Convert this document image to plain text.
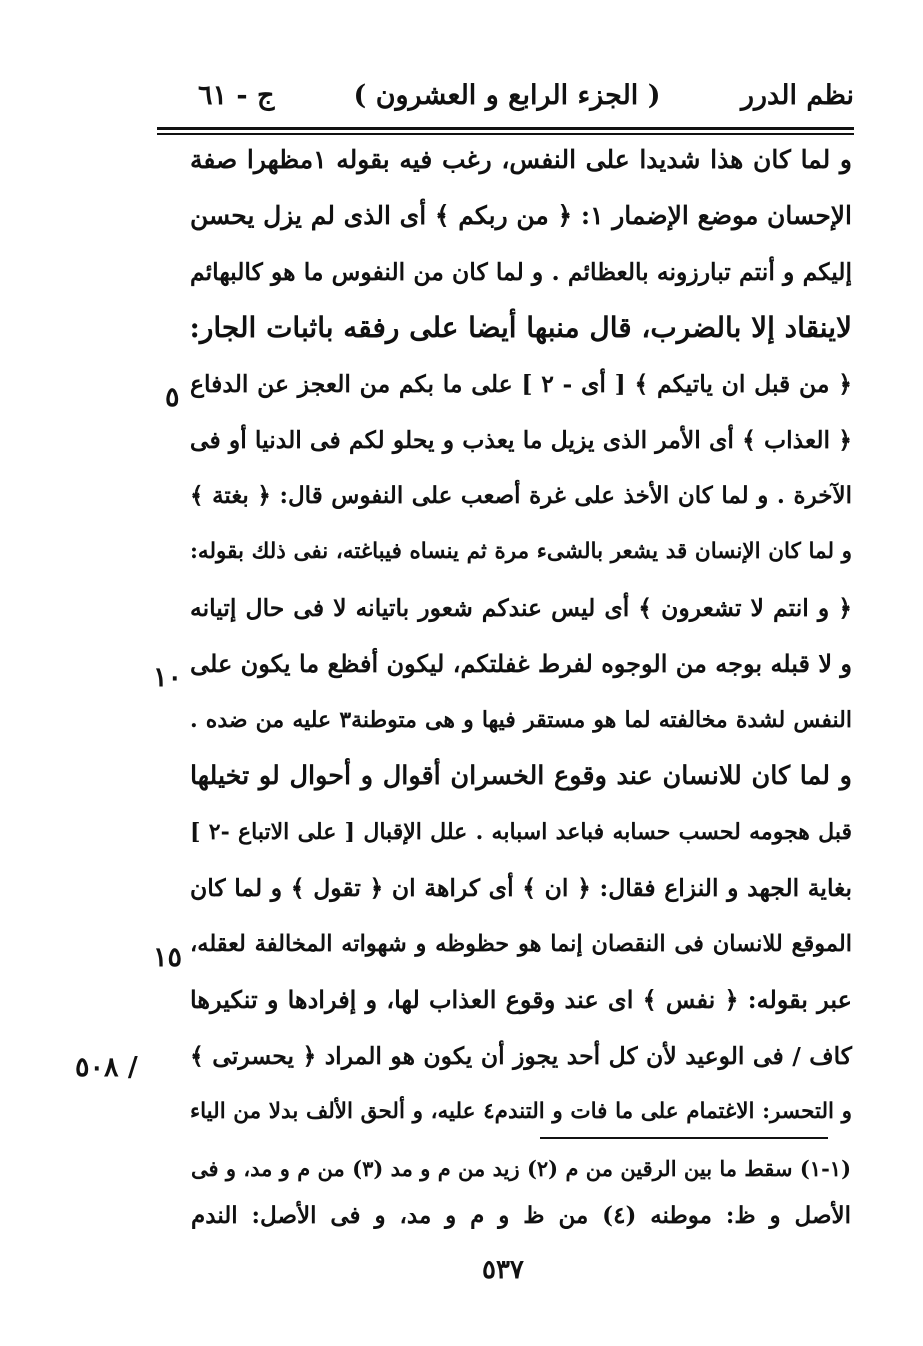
نظم الدرر
( الجزء الرابع و العشرون )
ج - ٦١
و لما كان هذا شديدا على النفس، رغب فيه بقوله ١مظهرا صفة
الإحسان موضع الإضمار ١: ﴿ من ربكم ﴾ أى الذى لم يزل يحسن
إليكم و أنتم تبارزونه بالعظائم . و لما كان من النفوس ما هو كالبهائم
لاينقاد إلا بالضرب، قال منبها أيضا على رفقه باثبات الجار:
﴿ من قبل ان ياتيكم ﴾ [ أى - ٢ ] على ما بكم من العجز عن الدفاع
﴿ العذاب ﴾ أى الأمر الذى يزيل ما يعذب و يحلو لكم فى الدنيا أو فى
الآخرة . و لما كان الأخذ على غرة أصعب على النفوس قال: ﴿ بغتة ﴾
و لما كان الإنسان قد يشعر بالشىء مرة ثم ينساه فيباغته، نفى ذلك بقوله:
﴿ و انتم لا تشعرون ﴾ أى ليس عندكم شعور باتيانه لا فى حال إتيانه
و لا قبله بوجه من الوجوه لفرط غفلتكم، ليكون أفظع ما يكون على
النفس لشدة مخالفته لما هو مستقر فيها و هى متوطنة٣ عليه من ضده .
و لما كان للانسان عند وقوع الخسران أقوال و أحوال لو تخيلها
قبل هجومه لحسب حسابه فباعد اسبابه . علل الإقبال [ على الاتباع -٢ ]
بغاية الجهد و النزاع فقال: ﴿ ان ﴾ أى كراهة ان ﴿ تقول ﴾ و لما كان
الموقع للانسان فى النقصان إنما هو حظوظه و شهواته المخالفة لعقله،
عبر بقوله: ﴿ نفس ﴾ اى عند وقوع العذاب لها، و إفرادها و تنكيرها
كاف / فى الوعيد لأن كل أحد يجوز أن يكون هو المراد ﴿ يحسرتى ﴾
و التحسر: الاغتمام على ما فات و التندم٤ عليه، و ألحق الألف بدلا من الياء
٥
١٠
١٥
٥٠٨ /
(١-١) سقط ما بين الرقين من م (٢) زيد من م و مد (٣) من م و مد، و فى
الأصل و ظ: موطنه (٤) من ظ و م و مد، و فى الأصل: الندم
٥٣٧
